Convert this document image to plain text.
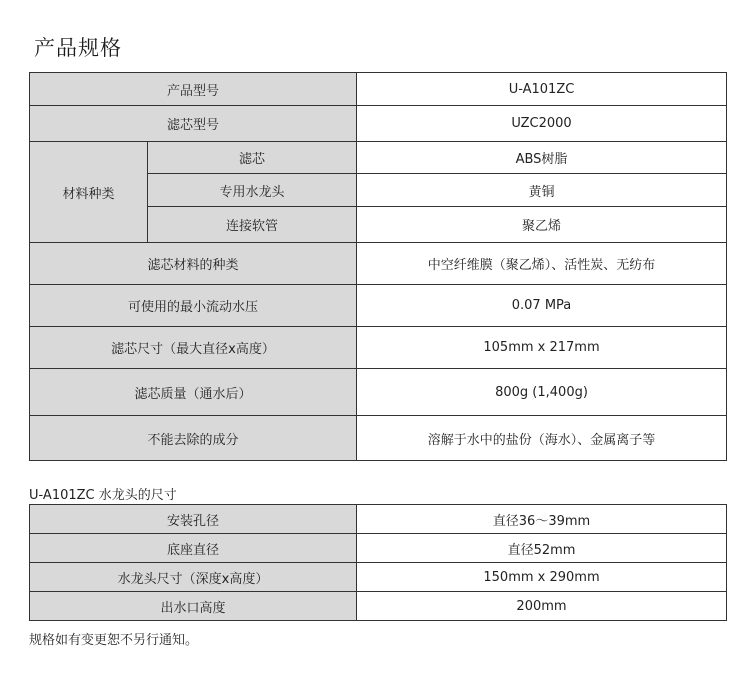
产品规格
产品型号		U-A101ZC
滤芯型号		UZC2000
材料种类	滤芯	ABS树脂
	专用水龙头	黄铜
	连接软管	聚乙烯
滤芯材料的种类		中空纤维膜（聚乙烯）、活性炭、无纺布
可使用的最小流动水压		0.07 MPa
滤芯尺寸（最大直径x高度）		105mm x 217mm
滤芯质量（通水后）		800g (1,400g)
不能去除的成分		溶解于水中的盐份（海水）、金属离子等
U-A101ZC 水龙头的尺寸
安装孔径	直径36～39mm
底座直径	直径52mm
水龙头尺寸（深度x高度）	150mm x 290mm
出水口高度	200mm
规格如有变更恕不另行通知。
